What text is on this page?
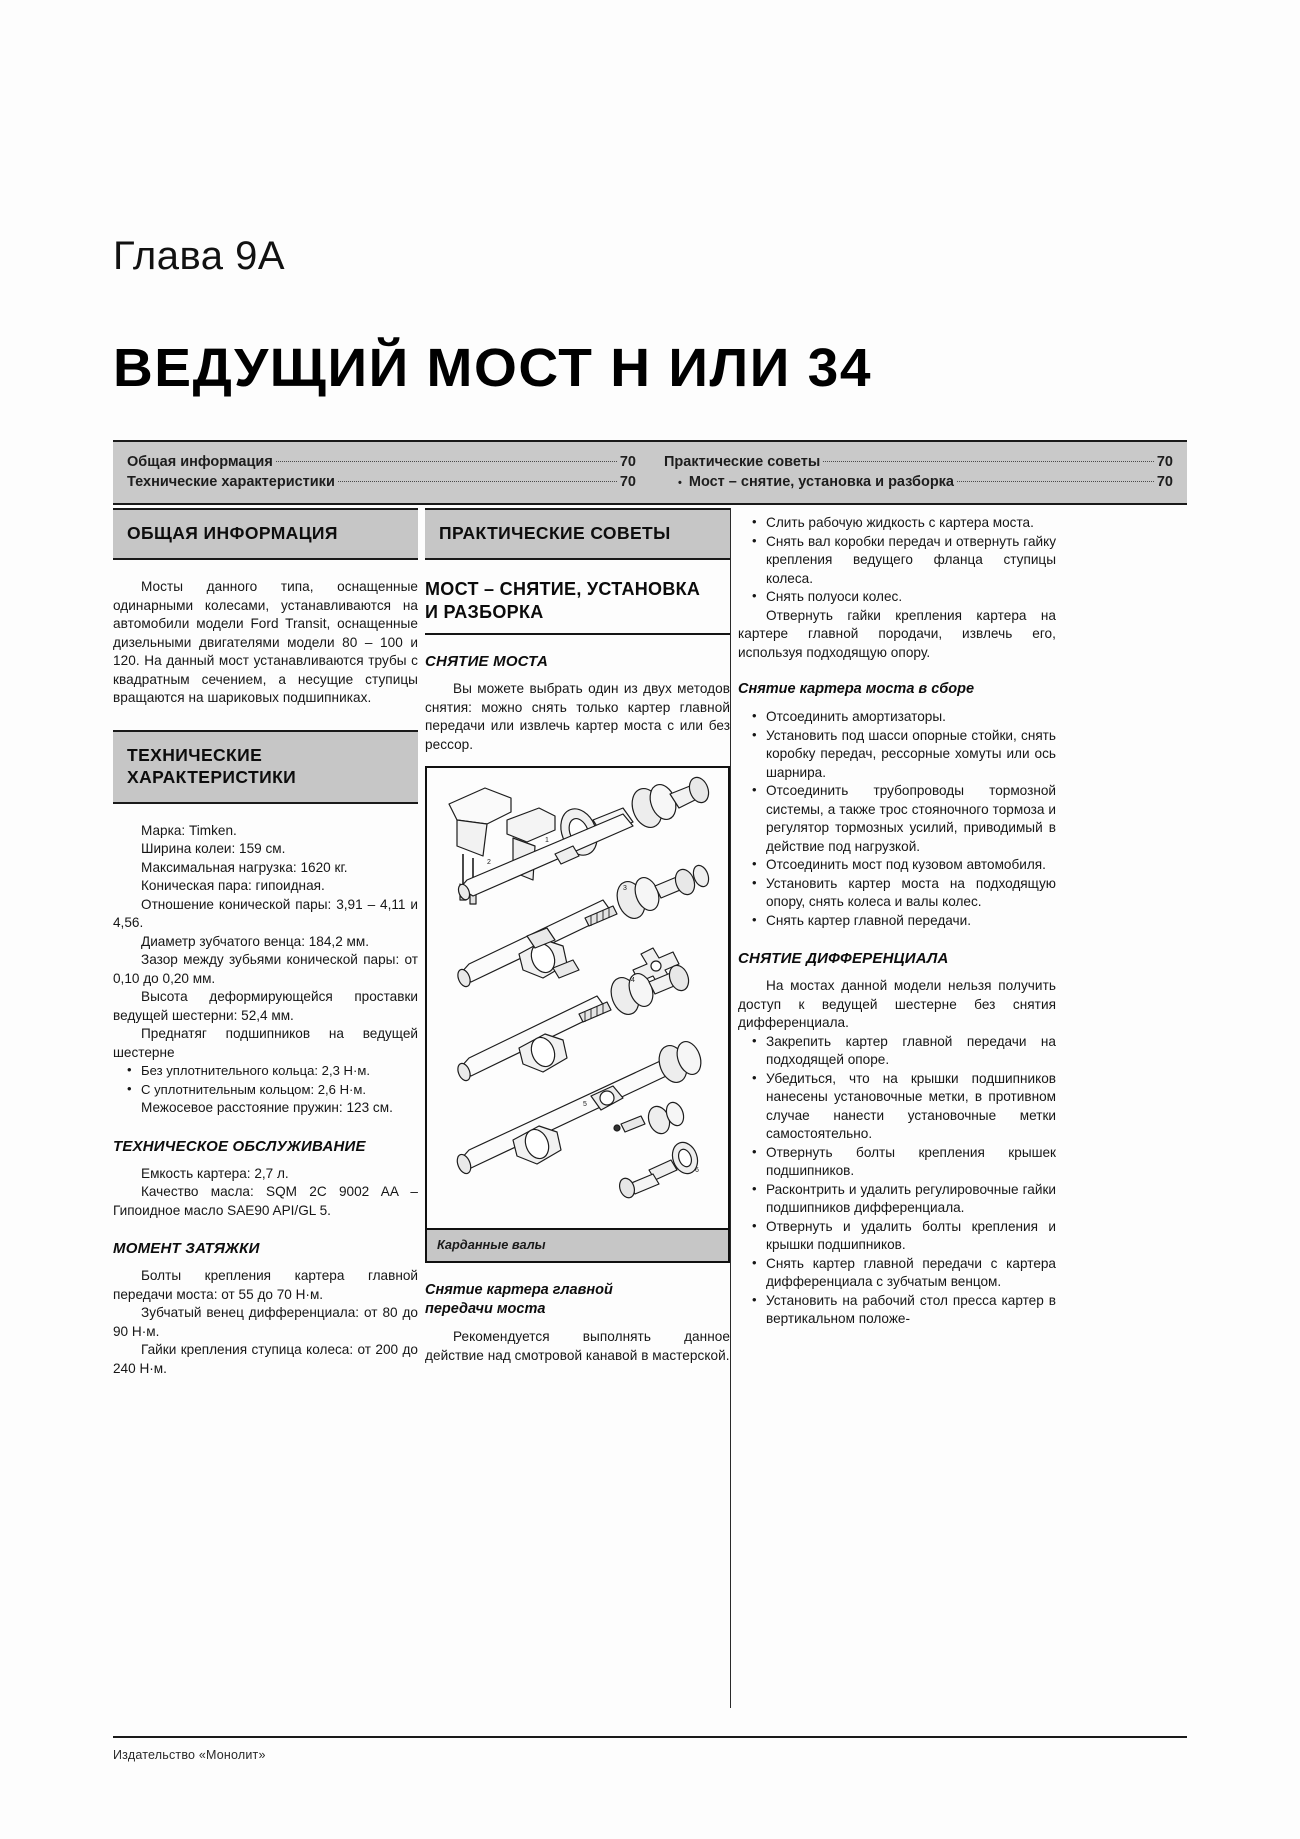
Глава 9A
ВЕДУЩИЙ МОСТ Н ИЛИ 34
Общая информация	70
Технические характеристики	70
Практические советы	70
• Мост – снятие, установка и разборка	70
ОБЩАЯ ИНФОРМАЦИЯ

Мосты данного типа, оснащенные одинарными колесами, устанавливаются на автомобили модели Ford Transit, оснащенные дизельными двигателями модели 80 – 100 и 120. На данный мост устанавливаются трубы с квадратным сечением, а несущие ступицы вращаются на шариковых подшипниках.

ТЕХНИЧЕСКИЕ
ХАРАКТЕРИСТИКИ

Марка: Timken.

Ширина колеи: 159 см.

Максимальная нагрузка: 1620 кг.

Коническая пара: гипоидная.

Отношение конической пары: 3,91 – 4,11 и 4,56.

Диаметр зубчатого венца: 184,2 мм.

Зазор между зубьями конической пары: от 0,10 до 0,20 мм.

Высота деформирующейся проставки ведущей шестерни: 52,4 мм.

Преднатяг подшипников на ведущей шестерне

• Без уплотнительного кольца: 2,3 Н·м.
• С уплотнительным кольцом: 2,6 Н·м.

Межосевое расстояние пружин: 123 см.

ТЕХНИЧЕСКОЕ ОБСЛУЖИВАНИЕ

Емкость картера: 2,7 л.

Качество масла: SQM 2C 9002 AA – Гипоидное масло SAE90 API/GL 5.

МОМЕНТ ЗАТЯЖКИ

Болты крепления картера главной передачи моста: от 55 до 70 Н·м.

Зубчатый венец дифференциала: от 80 до 90 Н·м.

Гайки крепления ступица колеса: от 200 до 240 Н·м.

ПРАКТИЧЕСКИЕ СОВЕТЫ
МОСТ – СНЯТИЕ, УСТАНОВКА
И РАЗБОРКА
СНЯТИЕ МОСТА

Вы можете выбрать один из двух методов снятия: можно снять только картер главной передачи или извлечь картер моста с или без рессор.

1
2
3
4
5
6
Карданные валы
Снятие картера главной
передачи моста

Рекомендуется выполнять данное действие над смотровой канавой в мастерской.

• Слить рабочую жидкость с картера моста.
• Снять вал коробки передач и отвернуть гайку крепления ведущего фланца ступицы колеса.
• Снять полуоси колес.

Отвернуть гайки крепления картера на картере главной породачи, извлечь его, используя подходящую опору.

Снятие картера моста в сборе
• Отсоединить амортизаторы.
• Установить под шасси опорные стойки, снять коробку передач, рессорные хомуты или ось шарнира.
• Отсоединить трубопроводы тормозной системы, а также трос стояночного тормоза и регулятор тормозных усилий, приводимый в действие под нагрузкой.
• Отсоединить мост под кузовом автомобиля.
• Установить картер моста на подходящую опору, снять колеса и валы колес.
• Снять картер главной передачи.
СНЯТИЕ ДИФФЕРЕНЦИАЛА

На мостах данной модели нельзя получить доступ к ведущей шестерне без снятия дифференциала.

• Закрепить картер главной передачи на подходящей опоре.
• Убедиться, что на крышки подшипников нанесены установочные метки, в противном случае нанести установочные метки самостоятельно.
• Отвернуть болты крепления крышек подшипников.
• Расконтрить и удалить регулировочные гайки подшипников дифференциала.
• Отвернуть и удалить болты крепления и крышки подшипников.
• Снять картер главной передачи с картера дифференциала с зубчатым венцом.
• Установить на рабочий стол пресса картер в вертикальном положе-
Издательство «Монолит»
